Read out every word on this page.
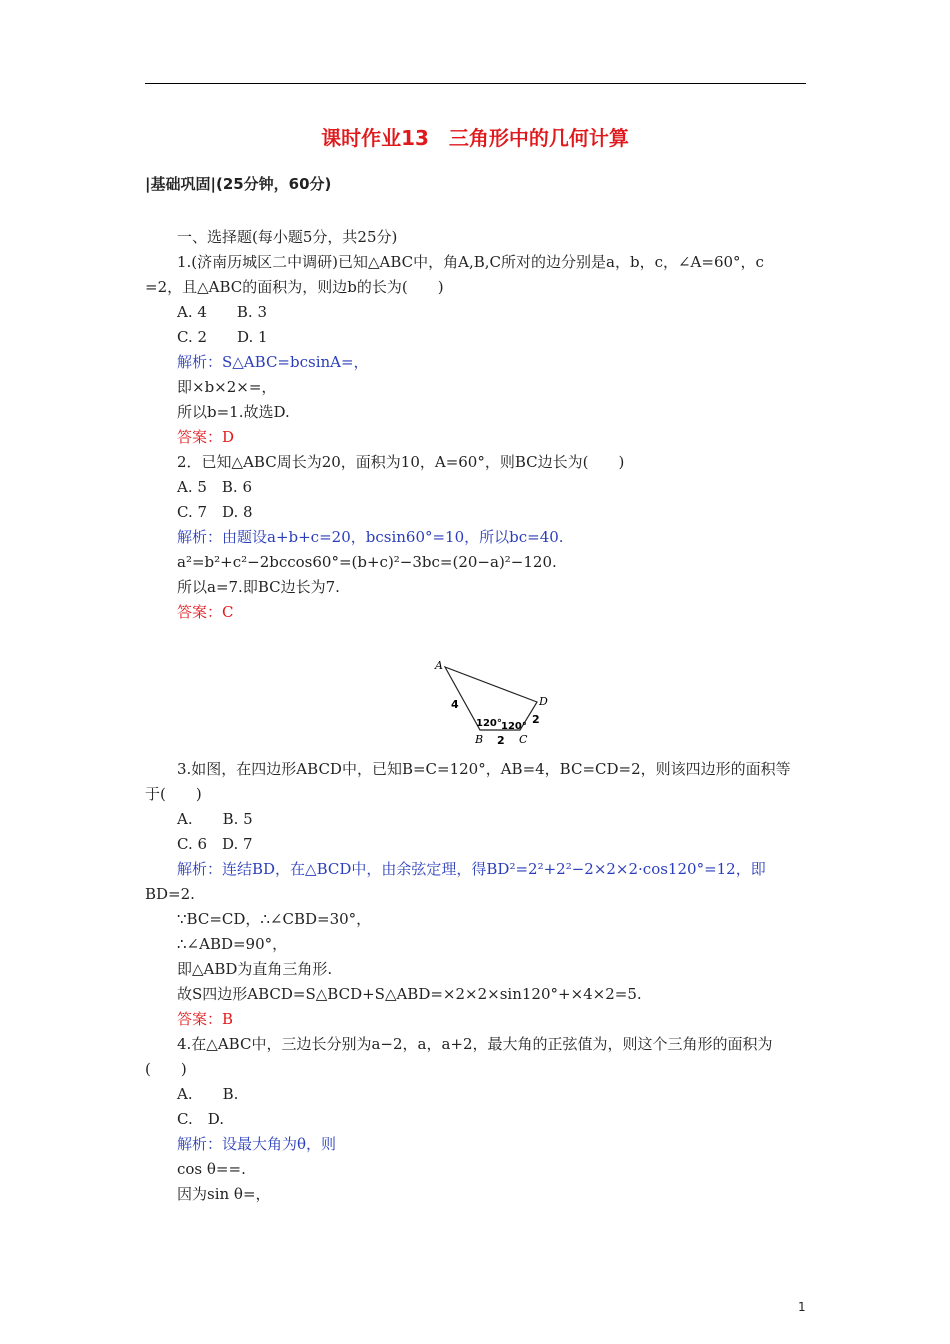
课时作业13　三角形中的几何计算
|基础巩固|(25分钟，60分)
一、选择题(每小题5分，共25分)
1.(济南历城区二中调研)已知△ABC中，角A,B,C所对的边分别是a，b，c，∠A=60°，c
=2，且△ABC的面积为，则边b的长为(　　)
A. 4　　B. 3
C. 2　　D. 1
解析：S△ABC=bcsinA=，
即×b×2×=，
所以b=1.故选D.
答案：D
2．已知△ABC周长为20，面积为10，A=60°，则BC边长为(　　)
A. 5　B. 6
C. 7　D. 8
解析：由题设a+b+c=20，bcsin60°=10，所以bc=40.
a²=b²+c²−2bccos60°=(b+c)²−3bc=(20−a)²−120.
所以a=7.即BC边长为7.
答案：C
A
B	C
D
4
2
2
120° 120°
3.如图，在四边形ABCD中，已知B=C=120°，AB=4，BC=CD=2，则该四边形的面积等
于(　　)
A.　　B. 5
C. 6　D. 7
解析：连结BD，在△BCD中，由余弦定理，得BD²=2²+2²−2×2×2·cos120°=12，即
BD=2.
∵BC=CD，∴∠CBD=30°，
∴∠ABD=90°，
即△ABD为直角三角形.
故S四边形ABCD=S△BCD+S△ABD=×2×2×sin120°+×4×2=5.
答案：B
4.在△ABC中，三边长分别为a−2，a，a+2，最大角的正弦值为，则这个三角形的面积为
(　　)
A.　　B.
C.　D.
解析：设最大角为θ，则
cos θ==.
因为sin θ=，
1
